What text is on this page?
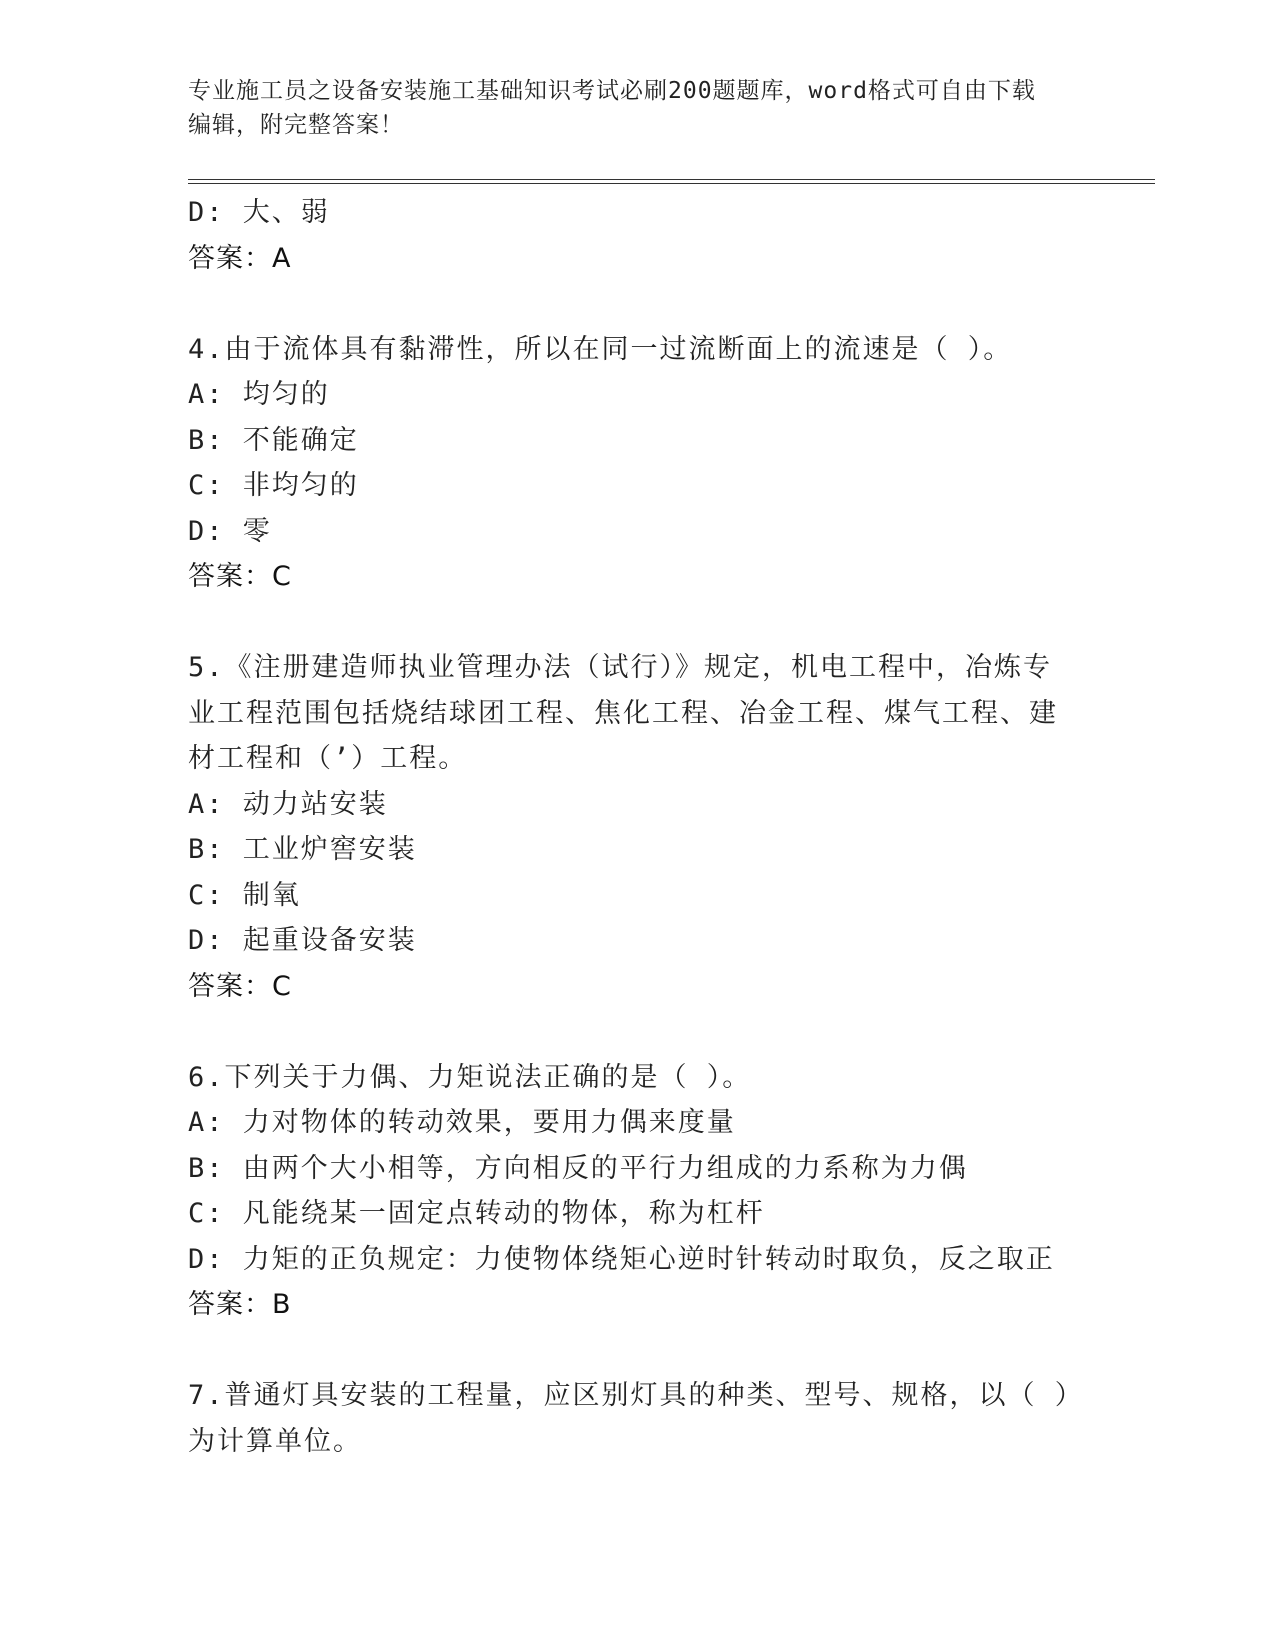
专业施工员之设备安装施工基础知识考试必刷200题题库，word格式可自由下载
编辑，附完整答案！
D: 大、弱
答案：A
4.由于流体具有黏滞性，所以在同一过流断面上的流速是（ ）。
A: 均匀的
B: 不能确定
C: 非均匀的
D: 零
答案：C
5.《注册建造师执业管理办法（试行）》规定，机电工程中，冶炼专
业工程范围包括烧结球团工程、焦化工程、冶金工程、煤气工程、建
材工程和（’）工程。
A: 动力站安装
B: 工业炉窖安装
C: 制氧
D: 起重设备安装
答案：C
6.下列关于力偶、力矩说法正确的是（ ）。
A: 力对物体的转动效果，要用力偶来度量
B: 由两个大小相等，方向相反的平行力组成的力系称为力偶
C: 凡能绕某一固定点转动的物体，称为杠杆
D: 力矩的正负规定：力使物体绕矩心逆时针转动时取负，反之取正
答案：B
7.普通灯具安装的工程量，应区别灯具的种类、型号、规格，以（ ）
为计算单位。
